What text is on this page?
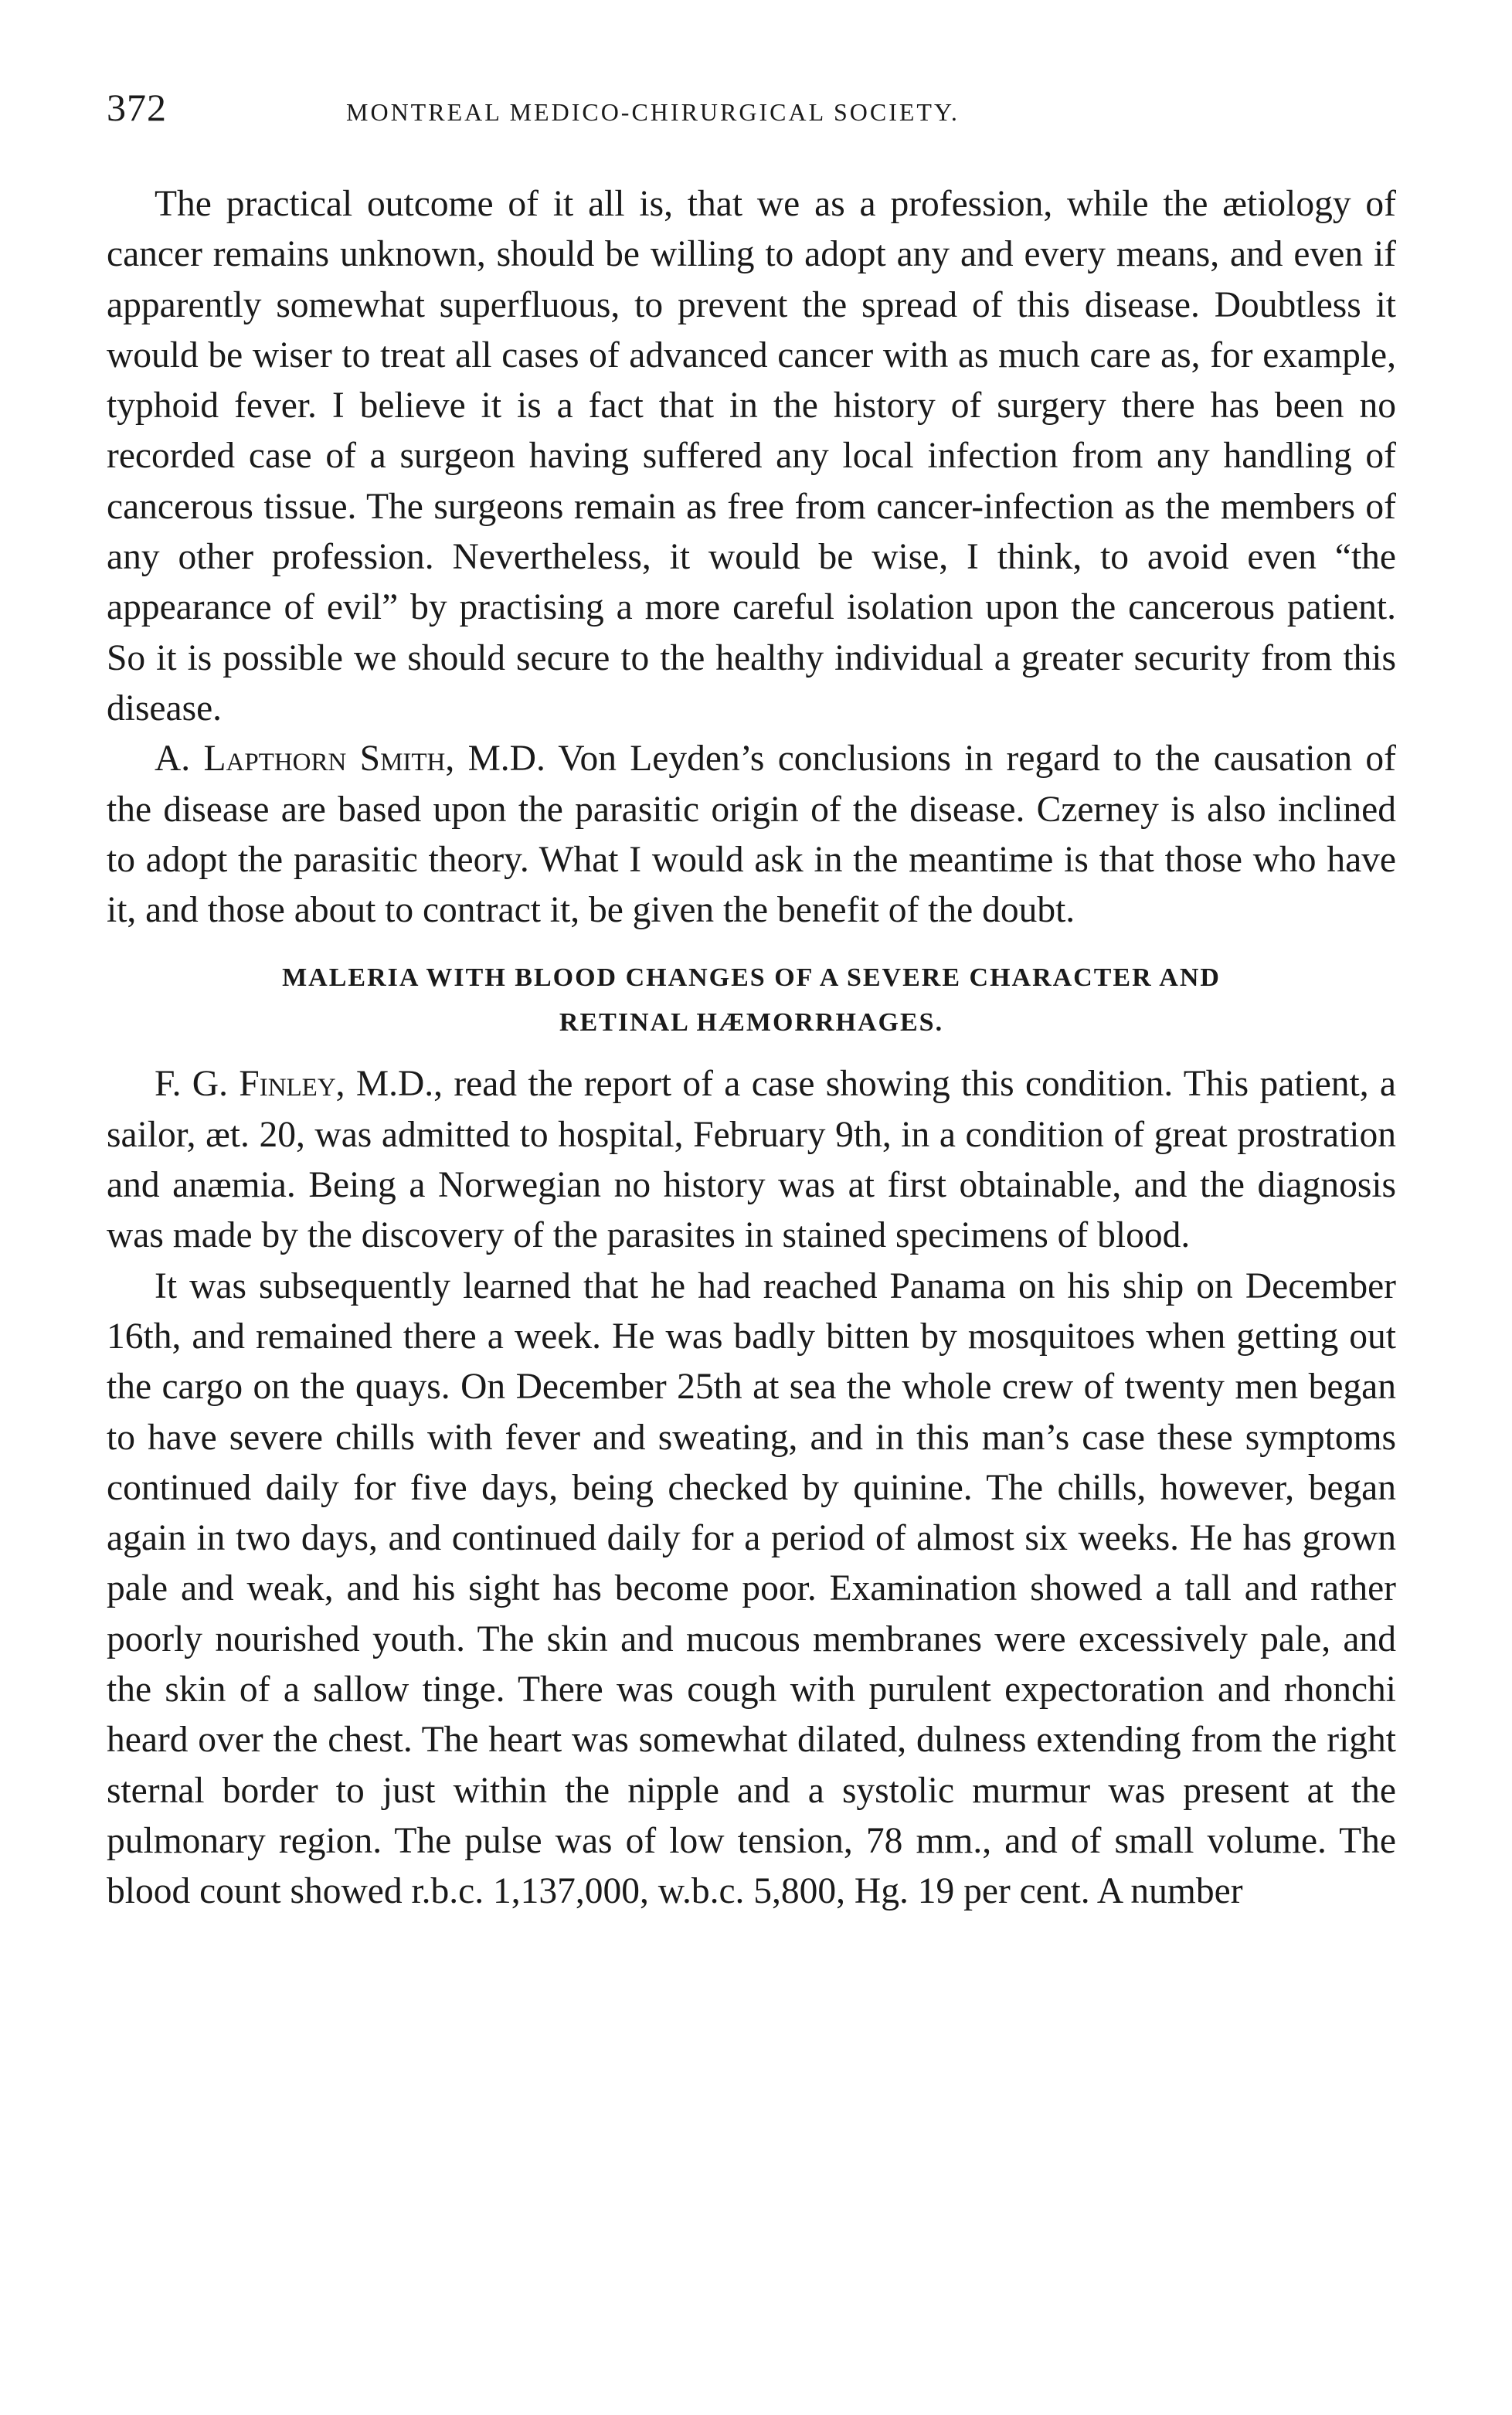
372	MONTREAL MEDICO-CHIRURGICAL SOCIETY.

The practical outcome of it all is, that we as a profession, while the ætiology of cancer remains unknown, should be willing to adopt any and every means, and even if apparently somewhat superfluous, to prevent the spread of this disease. Doubtless it would be wiser to treat all cases of advanced cancer with as much care as, for example, typhoid fever. I believe it is a fact that in the history of surgery there has been no recorded case of a surgeon having suffered any local infection from any handling of cancerous tissue. The surgeons remain as free from cancer-infection as the members of any other profession. Nevertheless, it would be wise, I think, to avoid even “the appearance of evil” by practising a more careful isolation upon the cancerous patient. So it is possible we should secure to the healthy individual a greater security from this disease.

A. Lapthorn Smith, M.D. Von Leyden’s conclusions in regard to the causation of the disease are based upon the parasitic origin of the disease. Czerney is also inclined to adopt the parasitic theory. What I would ask in the meantime is that those who have it, and those about to contract it, be given the benefit of the doubt.

MALERIA WITH BLOOD CHANGES OF A SEVERE CHARACTER AND
RETINAL HÆMORRHAGES.

F. G. Finley, M.D., read the report of a case showing this condition. This patient, a sailor, æt. 20, was admitted to hospital, February 9th, in a condition of great prostration and anæmia. Being a Norwegian no history was at first obtainable, and the diagnosis was made by the discovery of the parasites in stained specimens of blood.

It was subsequently learned that he had reached Panama on his ship on December 16th, and remained there a week. He was badly bitten by mosquitoes when getting out the cargo on the quays. On December 25th at sea the whole crew of twenty men began to have severe chills with fever and sweating, and in this man’s case these symptoms continued daily for five days, being checked by quinine. The chills, however, began again in two days, and continued daily for a period of almost six weeks. He has grown pale and weak, and his sight has become poor. Examination showed a tall and rather poorly nourished youth. The skin and mucous membranes were excessively pale, and the skin of a sallow tinge. There was cough with purulent expectoration and rhonchi heard over the chest. The heart was somewhat dilated, dulness extending from the right sternal border to just within the nipple and a systolic murmur was present at the pulmonary region. The pulse was of low tension, 78 mm., and of small volume. The blood count showed r.b.c. 1,137,000, w.b.c. 5,800, Hg. 19 per cent. A number
